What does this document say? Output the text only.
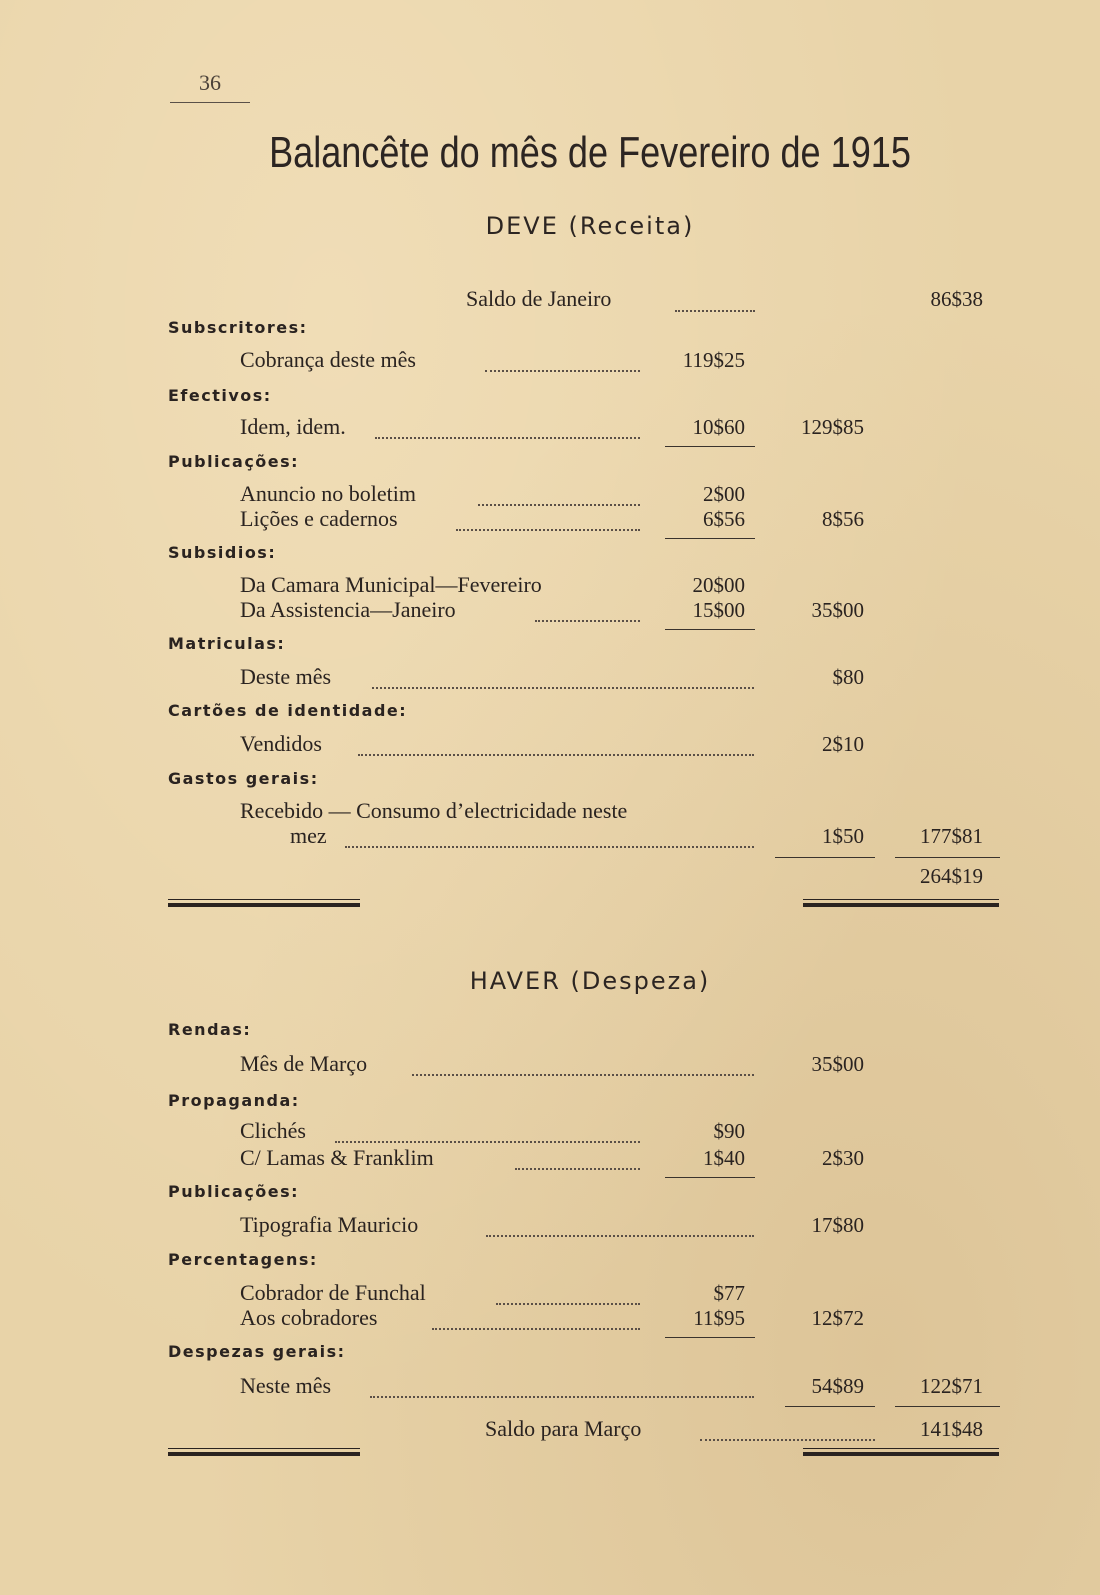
36
Balancête do mês de Fevereiro de 1915
DEVE (Receita)
Saldo de Janeiro	86$38
Subscritores:
Cobrança deste mês	119$25
Efectivos:
Idem, idem.	10$60	129$85
Publicações:
Anuncio no boletim	2$00
Lições e cadernos	6$56	8$56
Subsidios:
Da Camara Municipal—Fevereiro	20$00
Da Assistencia—Janeiro	15$00	35$00
Matriculas:
Deste mês	$80
Cartões de identidade:
Vendidos	2$10
Gastos gerais:
Recebido — Consumo d’electricidade neste
mez	1$50	177$81
264$19
HAVER (Despeza)
Rendas:
Mês de Março	35$00
Propaganda:
Clichés	$90
C/ Lamas & Franklim	1$40	2$30
Publicações:
Tipografia Mauricio	17$80
Percentagens:
Cobrador de Funchal	$77
Aos cobradores	11$95	12$72
Despezas gerais:
Neste mês	54$89	122$71
Saldo para Março	141$48
